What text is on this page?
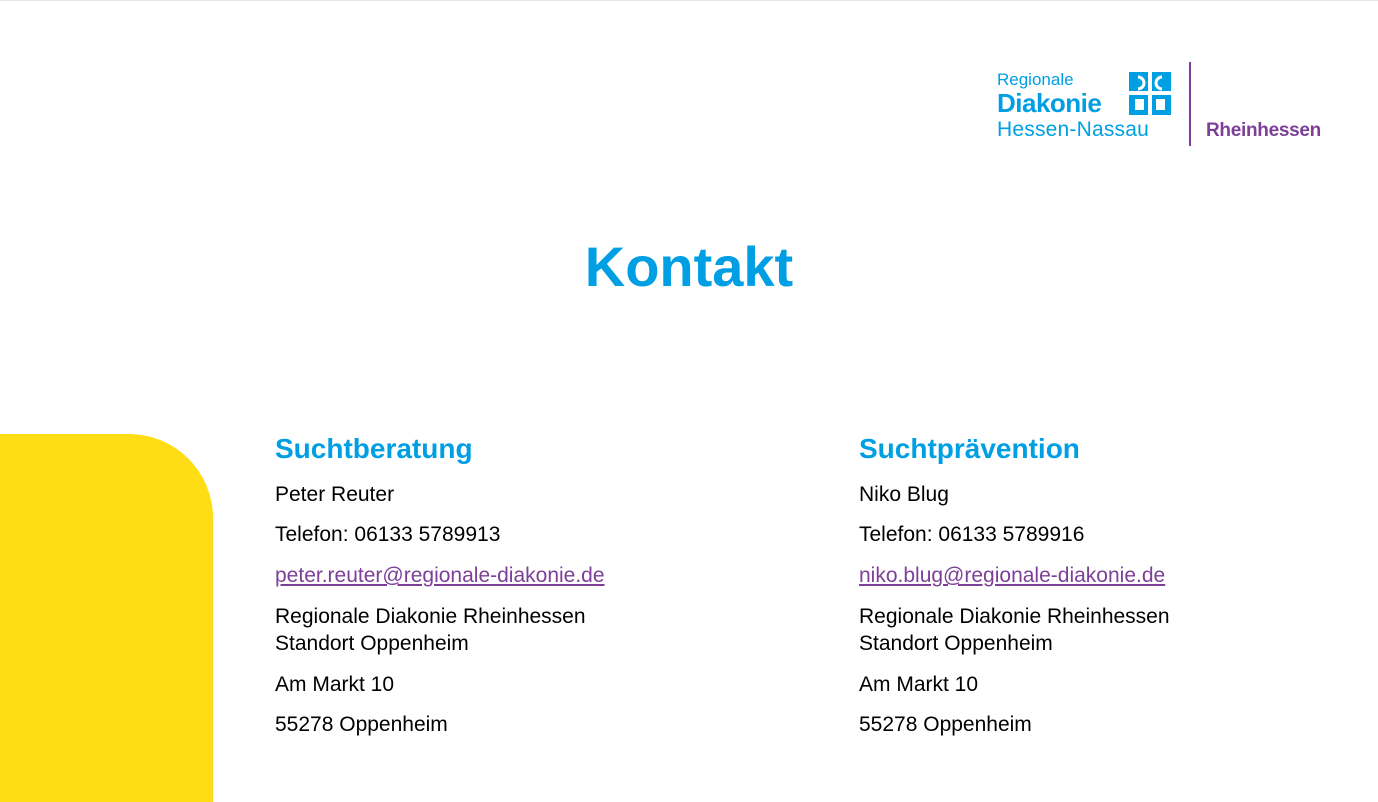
Regionale
Diakonie
Hessen-Nassau	Rheinhessen
Kontakt
Suchtberatung

Peter Reuter

Telefon: 06133 5789913

peter.reuter@regionale-diakonie.de

Regionale Diakonie Rheinhessen

Standort Oppenheim

Am Markt 10

55278 Oppenheim

Suchtprävention

Niko Blug

Telefon: 06133 5789916

niko.blug@regionale-diakonie.de

Regionale Diakonie Rheinhessen

Standort Oppenheim

Am Markt 10

55278 Oppenheim
